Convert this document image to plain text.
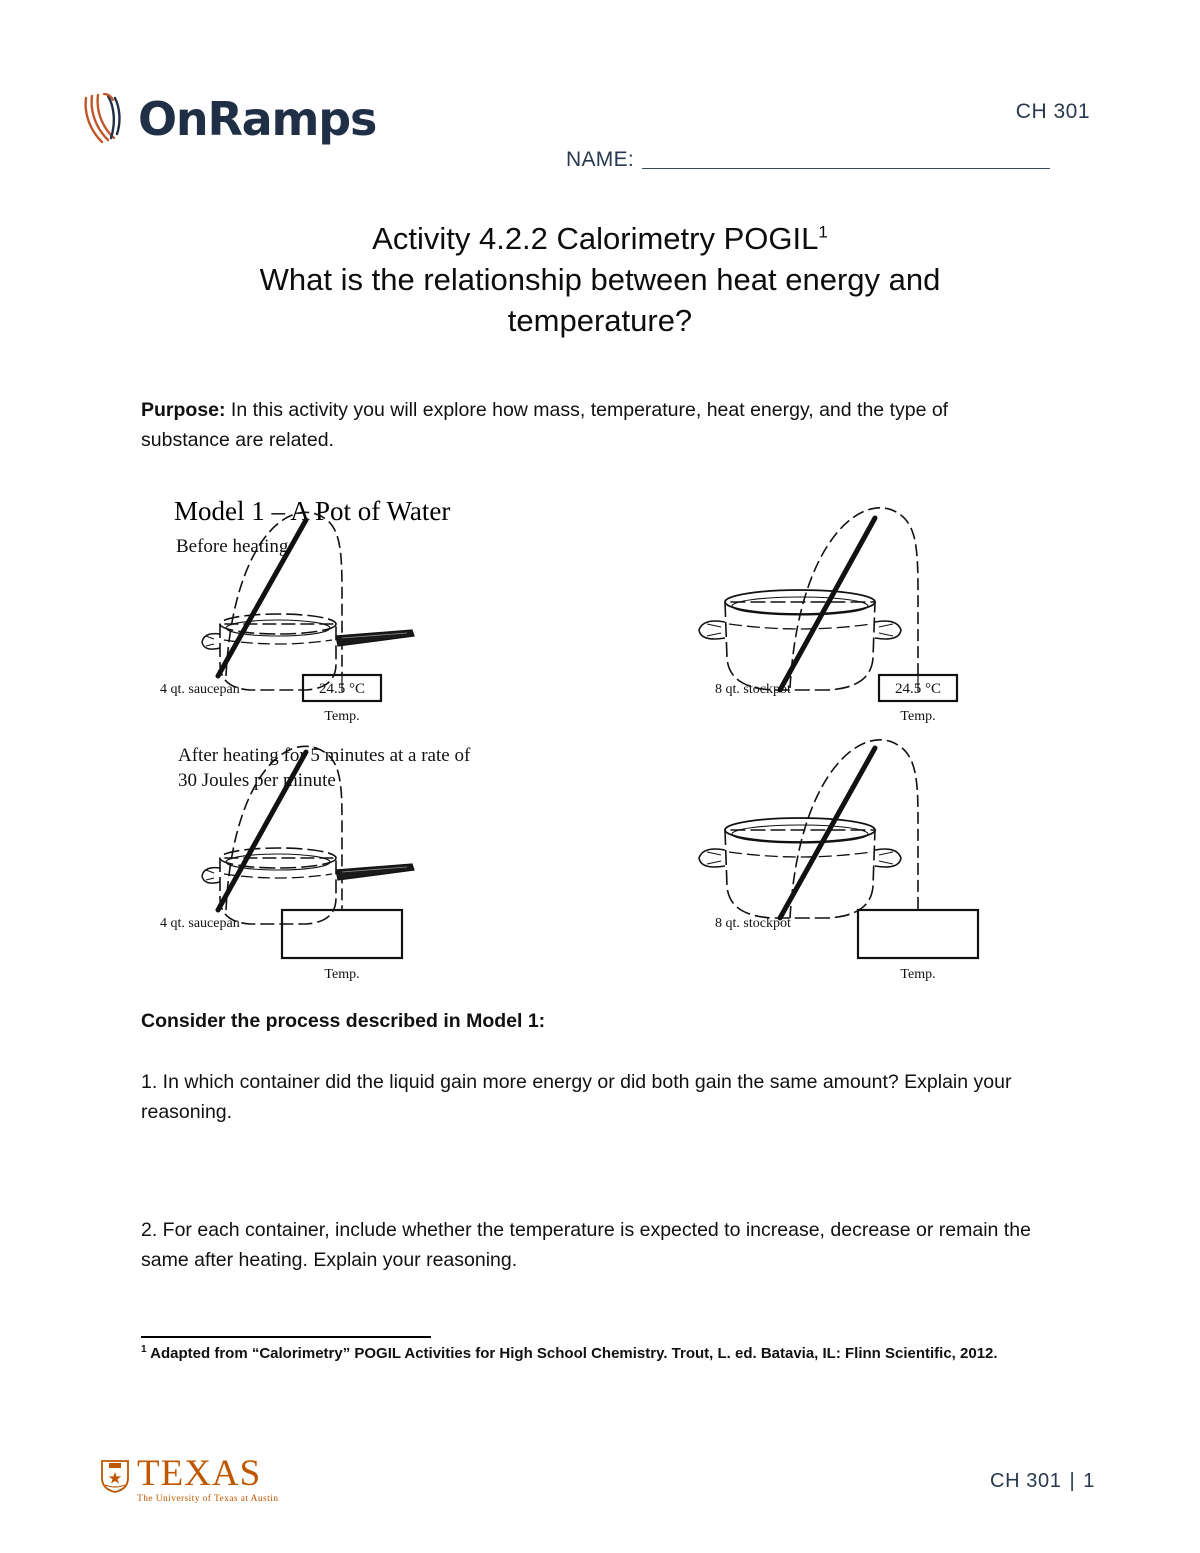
OnRamps	CH 301
NAME:
Activity 4.2.2 Calorimetry POGIL$^1$
What is the relationship between heat energy and
temperature?
Purpose: In this activity you will explore how mass, temperature, heat energy, and the type of substance are related.
Model 1 – A Pot of Water
Before heating
After heating for 5 minutes at a rate of 30 Joules per minute
4 qt. saucepan	24.5 °C
Temp.
8 qt. stockpot	24.5 °C
Temp.
4 qt. saucepan
Temp.
8 qt. stockpot
Temp.
Consider the process described in Model 1:
1. In which container did the liquid gain more energy or did both gain the same amount? Explain your reasoning.
2. For each container, include whether the temperature is expected to increase, decrease or remain the same after heating. Explain your reasoning.
$^1$ Adapted from “Calorimetry” POGIL Activities for High School Chemistry. Trout, L. ed. Batavia, IL: Flinn Scientific, 2012.
TEXAS
The University of Texas at Austin
CH 301 | 1
